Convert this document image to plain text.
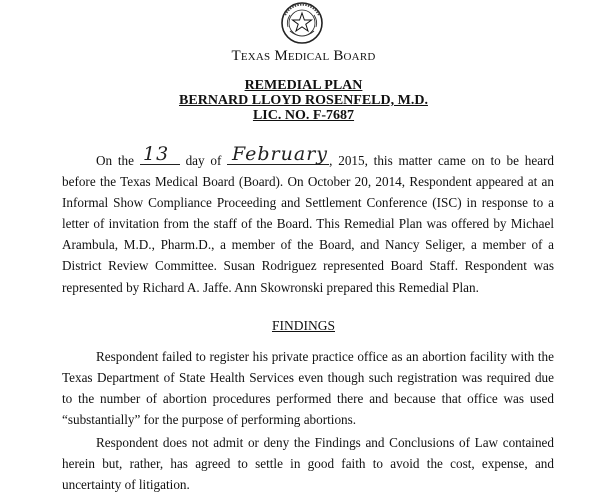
Texas Medical Board
REMEDIAL PLAN
BERNARD LLOYD ROSENFELD, M.D.
LIC. NO. F-7687
On the	day of	, 2015, this matter came on to be heard before the Texas Medical Board (Board). On October 20, 2014, Respondent appeared at an Informal Show Compliance Proceeding and Settlement Conference (ISC) in response to a letter of invitation from the staff of the Board. This Remedial Plan was offered by Michael Arambula, M.D., Pharm.D., a member of the Board, and Nancy Seliger, a member of a District Review Committee. Susan Rodriguez represented Board Staff. Respondent was represented by Richard A. Jaffe. Ann Skowronski prepared this Remedial Plan.
13	February
FINDINGS
Respondent failed to register his private practice office as an abortion facility with the Texas Department of State Health Services even though such registration was required due to the number of abortion procedures performed there and because that office was used “substantially” for the purpose of performing abortions.
Respondent does not admit or deny the Findings and Conclusions of Law contained herein but, rather, has agreed to settle in good faith to avoid the cost, expense, and uncertainty of litigation.
